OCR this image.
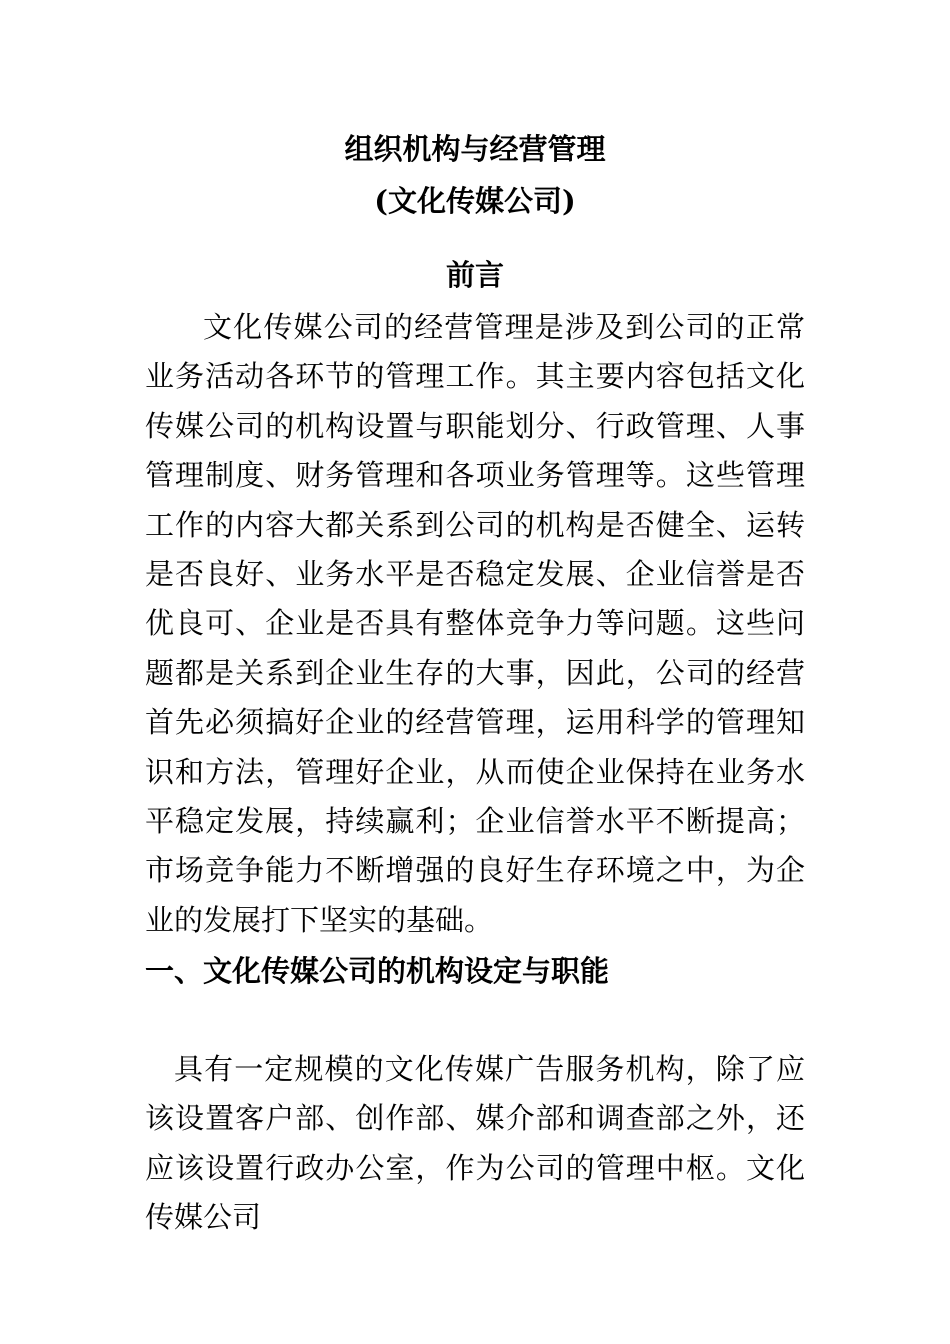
组织机构与经营管理
(文化传媒公司)
前言

文化传媒公司的经营管理是涉及到公司的正常业务活动各环节的管理工作。其主要内容包括文化传媒公司的机构设置与职能划分、行政管理、人事管理制度、财务管理和各项业务管理等。这些管理工作的内容大都关系到公司的机构是否健全、运转是否良好、业务水平是否稳定发展、企业信誉是否优良可、企业是否具有整体竞争力等问题。这些问题都是关系到企业生存的大事，因此，公司的经营首先必须搞好企业的经营管理，运用科学的管理知识和方法，管理好企业，从而使企业保持在业务水平稳定发展，持续赢利；企业信誉水平不断提高；市场竞争能力不断增强的良好生存环境之中，为企业的发展打下坚实的基础。

一、文化传媒公司的机构设定与职能

具有一定规模的文化传媒广告服务机构，除了应该设置客户部、创作部、媒介部和调查部之外，还应该设置行政办公室，作为公司的管理中枢。文化传媒公司
